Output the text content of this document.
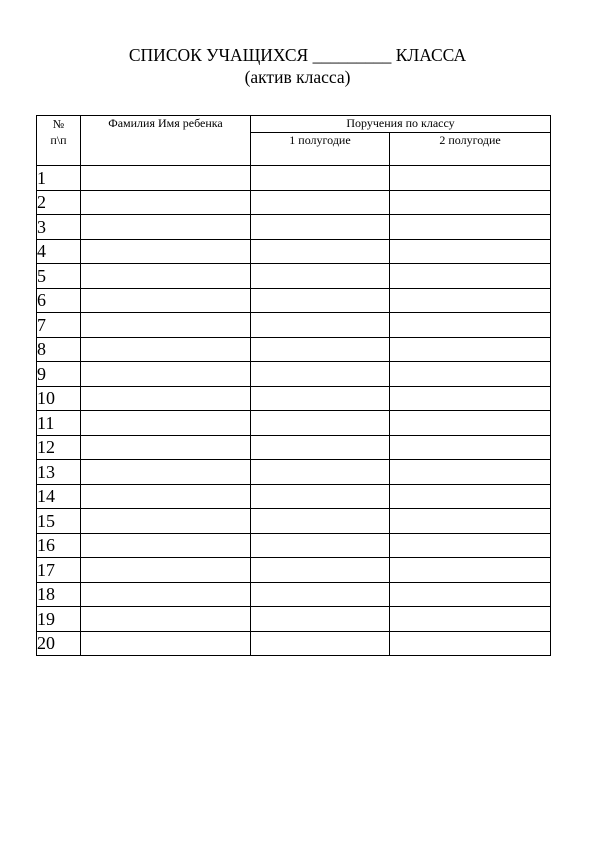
СПИСОК УЧАЩИХСЯ _________ КЛАССА
(актив класса)
№
п\п	Фамилия Имя ребенка	Поручения по классу	
		1 полугодие	2 полугодие
1			
2			
3			
4			
5			
6			
7			
8			
9			
10			
11			
12			
13			
14			
15			
16			
17			
18			
19			
20			
